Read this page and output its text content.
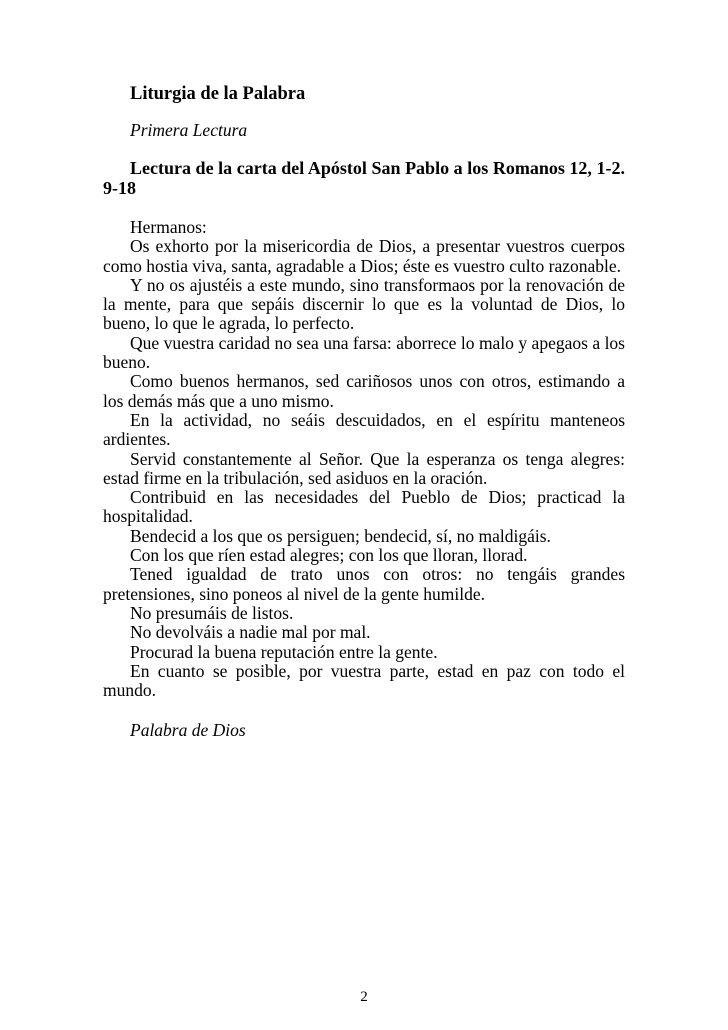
Liturgia de la Palabra
Primera Lectura
Lectura de la carta del Apóstol San Pablo a los Romanos 12, 1-2. 9-18

Hermanos:

Os exhorto por la misericordia de Dios, a presentar vuestros cuerpos como hostia viva, santa, agradable a Dios; éste es vuestro culto razonable.

Y no os ajustéis a este mundo, sino transformaos por la renovación de la mente, para que sepáis discernir lo que es la voluntad de Dios, lo bueno, lo que le agrada, lo perfecto.

Que vuestra caridad no sea una farsa: aborrece lo malo y apegaos a los bueno.

Como buenos hermanos, sed cariñosos unos con otros, estimando a los demás más que a uno mismo.

En la actividad, no seáis descuidados, en el espíritu manteneos ardientes.

Servid constantemente al Señor. Que la esperanza os tenga alegres: estad firme en la tribulación, sed asiduos en la oración.

Contribuid en las necesidades del Pueblo de Dios; practicad la hospitalidad.

Bendecid a los que os persiguen; bendecid, sí, no maldigáis.

Con los que ríen estad alegres; con los que lloran, llorad.

Tened igualdad de trato unos con otros: no tengáis grandes pretensiones, sino poneos al nivel de la gente humilde.

No presumáis de listos.

No devolváis a nadie mal por mal.

Procurad la buena reputación entre la gente.

En cuanto se posible, por vuestra parte, estad en paz con todo el mundo.

Palabra de Dios
2
